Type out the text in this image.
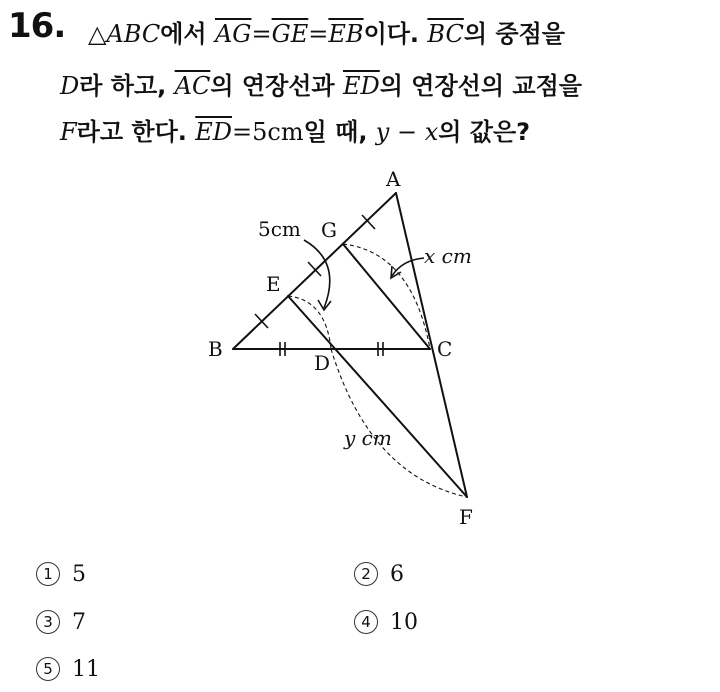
16. △ABC에서 $\overline{AG}=\overline{GE}=\overline{EB}$이다. $\overline{BC}$의 중점을
D라 하고, $\overline{AC}$의 연장선과 $\overline{ED}$의 연장선의 교점을
F라고 한다. $\overline{ED}=5cm$일 때, y − x의 값은?
A
B	C
D
E
F
G
5cm
x cm
y cm
1 5	2 6
3 7	4 10
5 11
